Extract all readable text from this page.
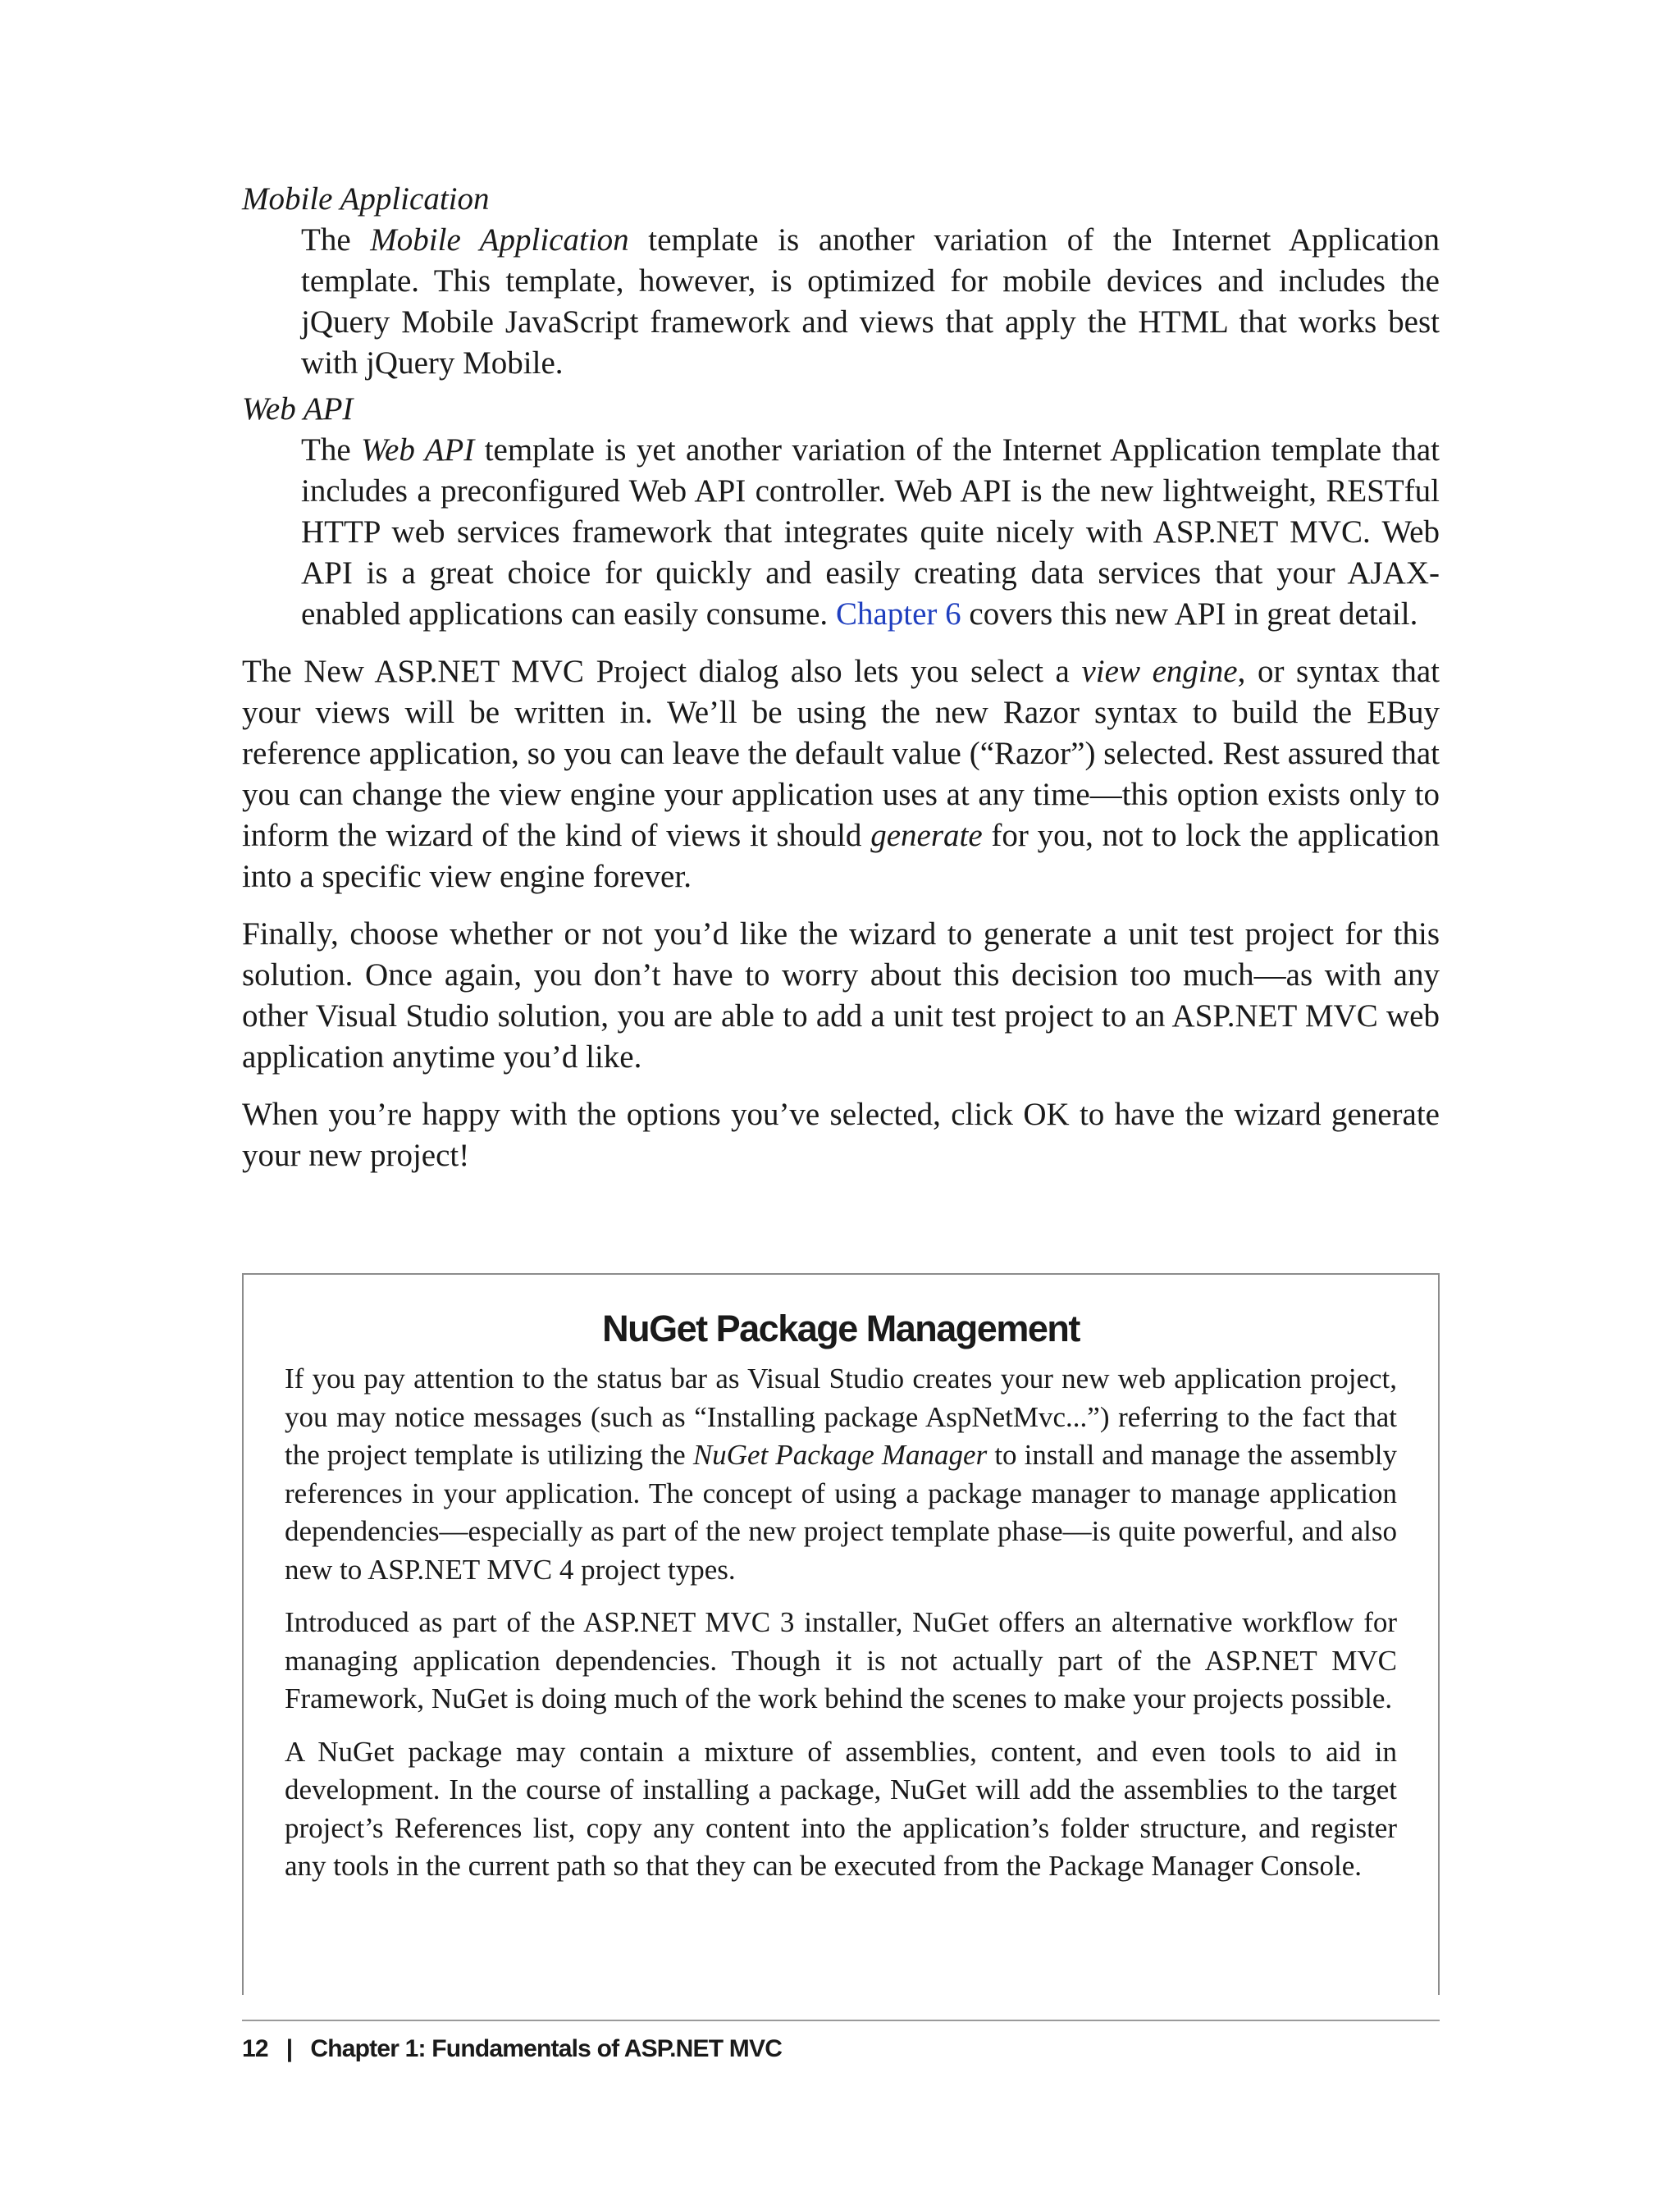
Mobile Application

The Mobile Application template is another variation of the Internet Application template. This template, however, is optimized for mobile devices and includes the jQuery Mobile JavaScript framework and views that apply the HTML that works best with jQuery Mobile.

Web API

The Web API template is yet another variation of the Internet Application template that includes a preconfigured Web API controller. Web API is the new lightweight, RESTful HTTP web services framework that integrates quite nicely with ASP.NET MVC. Web API is a great choice for quickly and easily creating data services that your AJAX-enabled applications can easily consume. Chapter 6 covers this new API in great detail.

The New ASP.NET MVC Project dialog also lets you select a view engine, or syntax that your views will be written in. We’ll be using the new Razor syntax to build the EBuy reference application, so you can leave the default value (“Razor”) selected. Rest assured that you can change the view engine your application uses at any time—this option exists only to inform the wizard of the kind of views it should generate for you, not to lock the application into a specific view engine forever.

Finally, choose whether or not you’d like the wizard to generate a unit test project for this solution. Once again, you don’t have to worry about this decision too much—as with any other Visual Studio solution, you are able to add a unit test project to an ASP.NET MVC web application anytime you’d like.

When you’re happy with the options you’ve selected, click OK to have the wizard generate your new project!

NuGet Package Management

If you pay attention to the status bar as Visual Studio creates your new web application project, you may notice messages (such as “Installing package AspNetMvc...”) referring to the fact that the project template is utilizing the NuGet Package Manager to install and manage the assembly references in your application. The concept of using a package manager to manage application dependencies—especially as part of the new project template phase—is quite powerful, and also new to ASP.NET MVC 4 project types.

Introduced as part of the ASP.NET MVC 3 installer, NuGet offers an alternative workflow for managing application dependencies. Though it is not actually part of the ASP.NET MVC Framework, NuGet is doing much of the work behind the scenes to make your projects possible.

A NuGet package may contain a mixture of assemblies, content, and even tools to aid in development. In the course of installing a package, NuGet will add the assemblies to the target project’s References list, copy any content into the application’s folder structure, and register any tools in the current path so that they can be executed from the Package Manager Console.

12 | Chapter 1: Fundamentals of ASP.NET MVC
